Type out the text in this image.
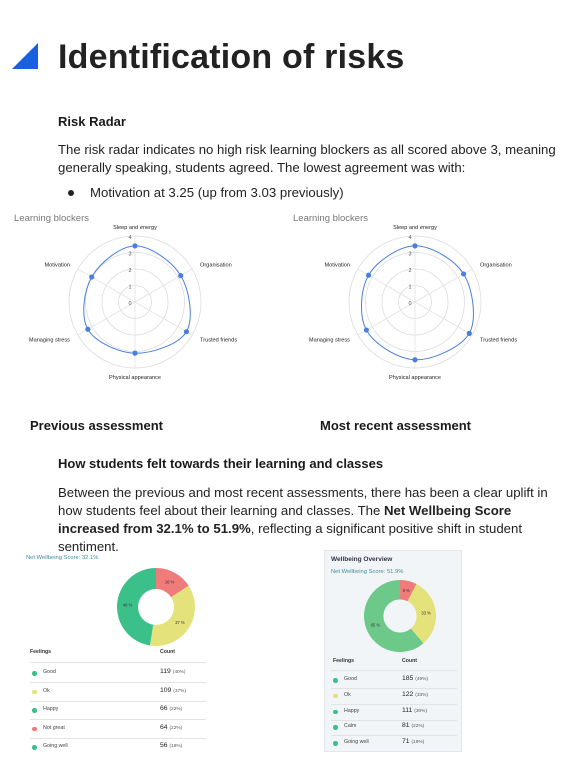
Identification of risks
Risk Radar
The risk radar indicates no high risk learning blockers as all scored above 3, meaning generally speaking, students agreed. The lowest agreement was with:
Motivation at 3.25 (up from 3.03 previously)
Learning blockers
4
3
2
1
0
Sleep and energy
Organisation
Trusted friends
Physical appearance
Managing stress
Motivation
Learning blockers
4
3
2
1
0
Sleep and energy
Organisation
Trusted friends
Physical appearance
Managing stress
Motivation
Previous assessment	Most recent assessment
How students felt towards their learning and classes
Between the previous and most recent assessments, there has been a clear uplift in how students feel about their learning and classes. The Net Wellbeing Score increased from 32.1% to 51.9%, reflecting a significant positive shift in student sentiment.
Net Wellbeing Score: 32.1%
16 %
37 %
48 %
Feelings	Count
Good	119 (40%)
Ok	109 (37%)
Happy	66 (22%)
Not great	64 (22%)
Going well	56 (19%)
Wellbeing Overview
Net Wellbeing Score: 51.9%
8 %
33 %
65 %
Feelings	Count
Good	185 (49%)
Ok	122 (33%)
Happy	111 (30%)
Calm	81 (22%)
Going well	71 (19%)
